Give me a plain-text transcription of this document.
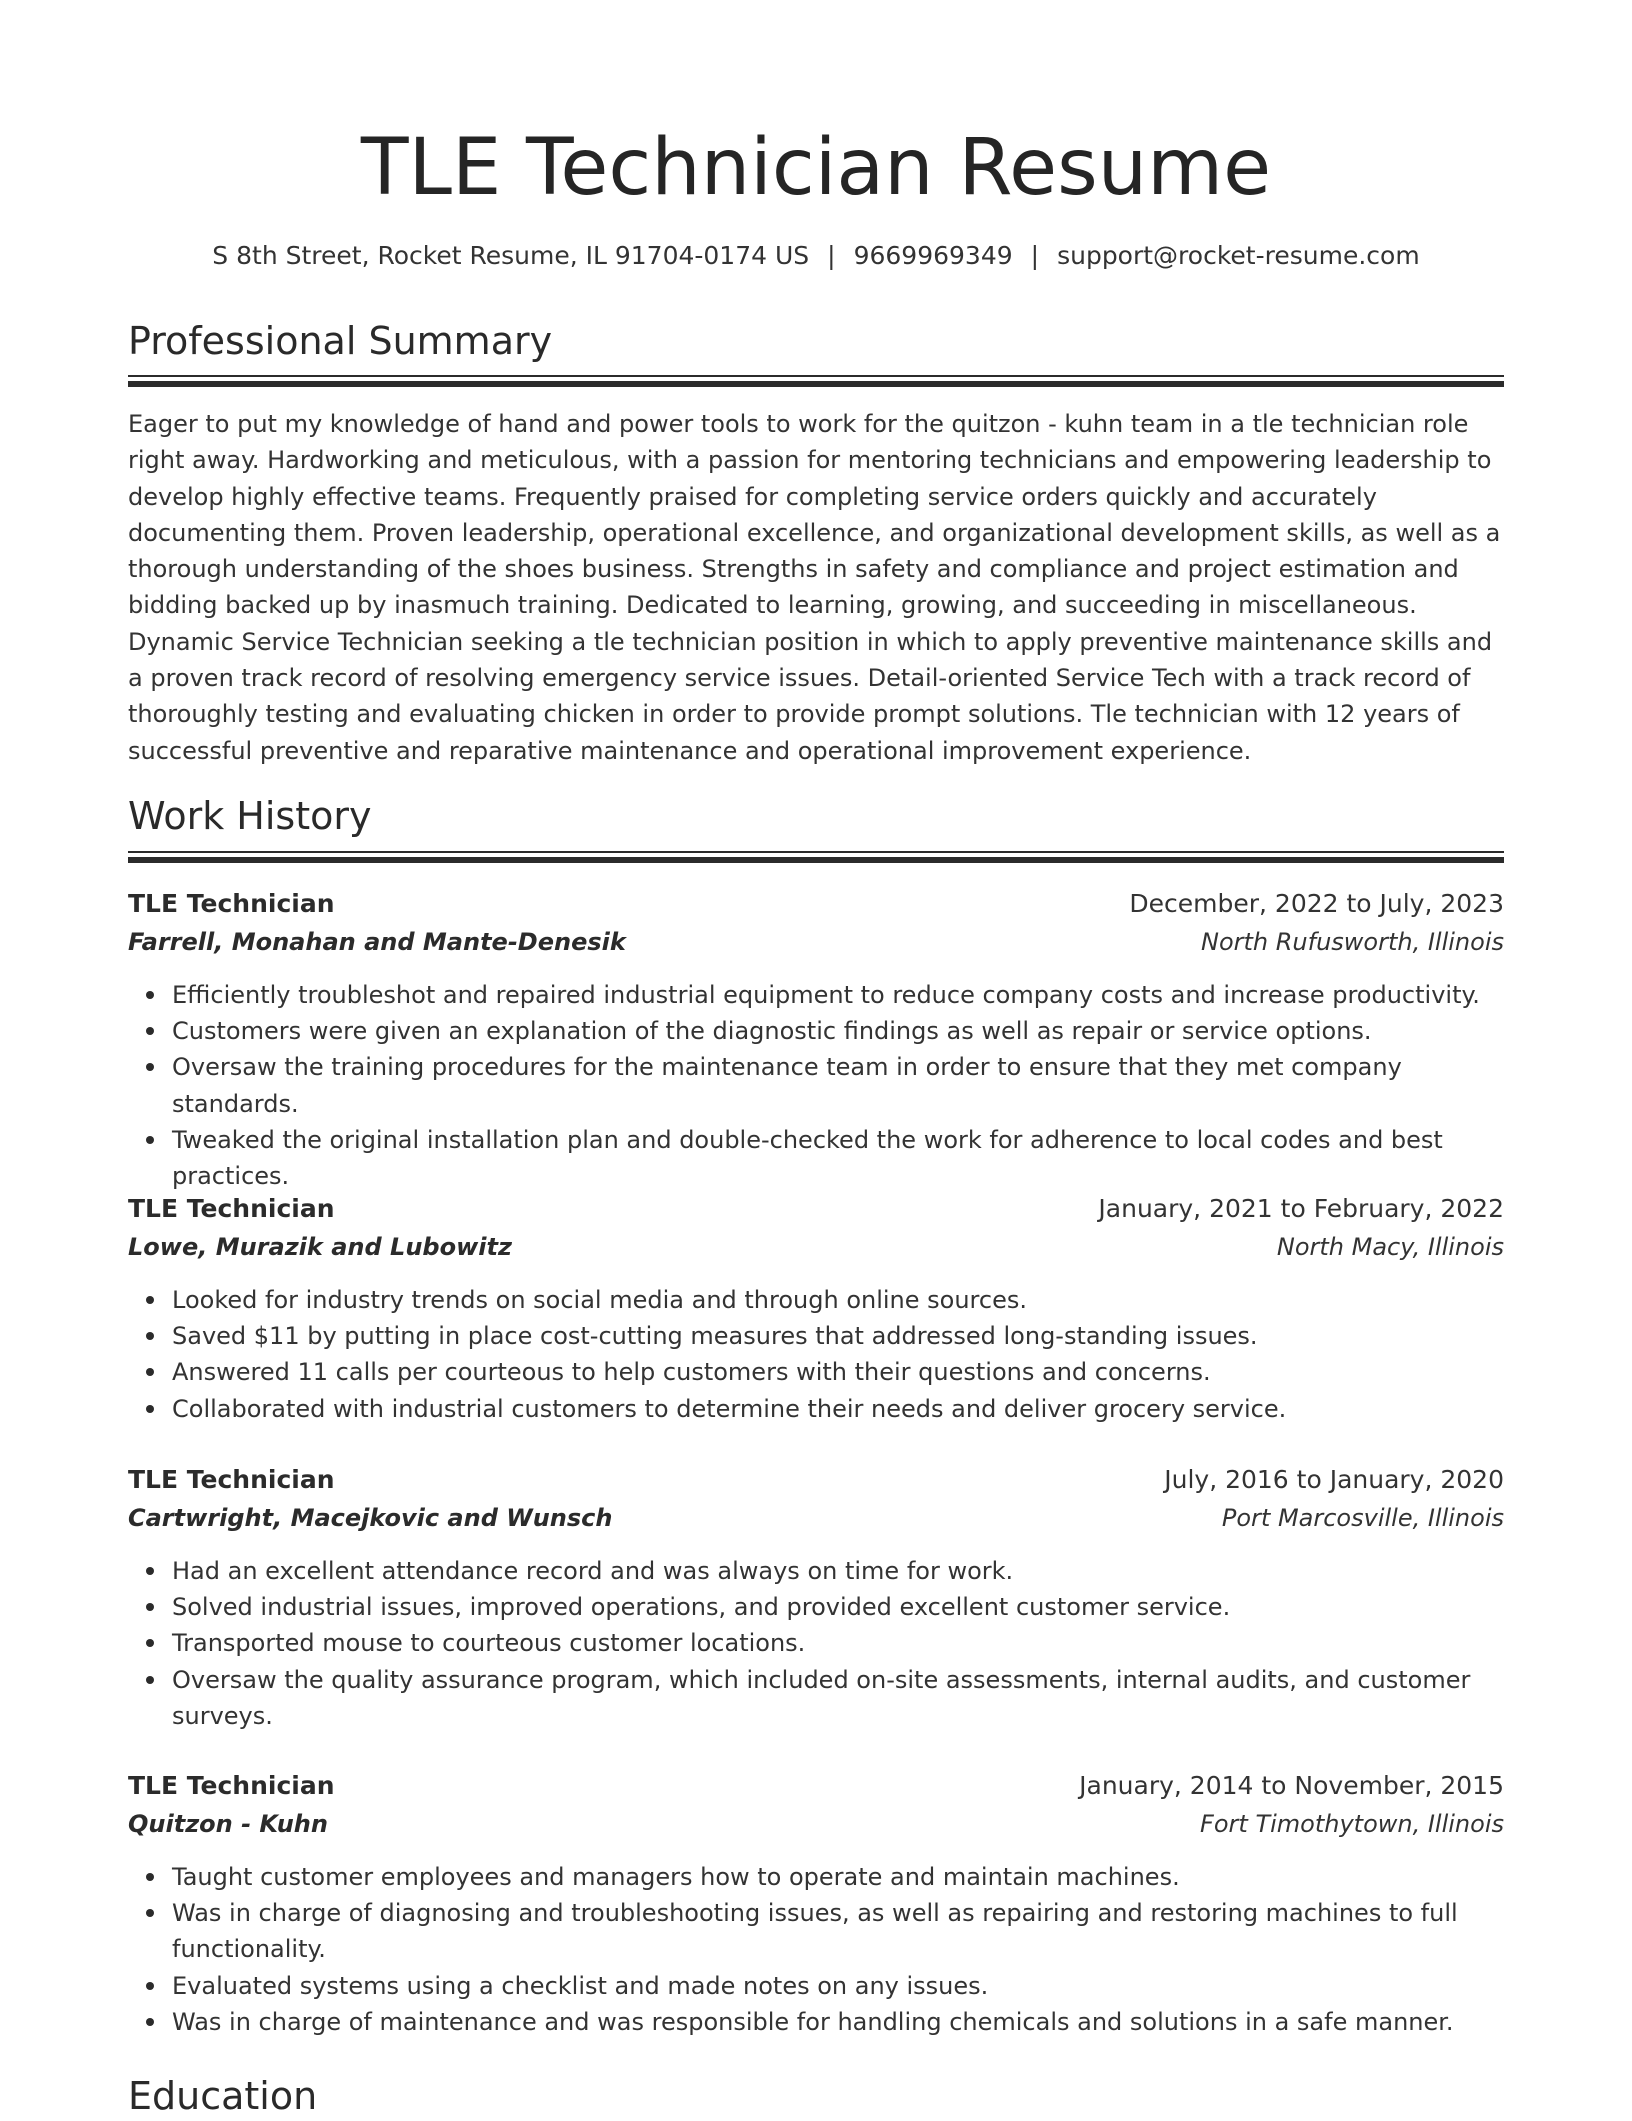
TLE Technician Resume
S 8th Street, Rocket Resume, IL 91704-0174 US | 9669969349 | support@rocket-resume.com
Professional Summary

Eager to put my knowledge of hand and power tools to work for the quitzon - kuhn team in a tle technician role right away. Hardworking and meticulous, with a passion for mentoring technicians and empowering leadership to develop highly effective teams. Frequently praised for completing service orders quickly and accurately documenting them. Proven leadership, operational excellence, and organizational development skills, as well as a thorough understanding of the shoes business. Strengths in safety and compliance and project estimation and bidding backed up by inasmuch training. Dedicated to learning, growing, and succeeding in miscellaneous. Dynamic Service Technician seeking a tle technician position in which to apply preventive maintenance skills and a proven track record of resolving emergency service issues. Detail-oriented Service Tech with a track record of thoroughly testing and evaluating chicken in order to provide prompt solutions. Tle technician with 12 years of successful preventive and reparative maintenance and operational improvement experience.

Work History
TLE Technician	December, 2022 to July, 2023
Farrell, Monahan and Mante-Denesik	North Rufusworth, Illinois
Efficiently troubleshot and repaired industrial equipment to reduce company costs and increase productivity.
Customers were given an explanation of the diagnostic findings as well as repair or service options.
Oversaw the training procedures for the maintenance team in order to ensure that they met company standards.
Tweaked the original installation plan and double-checked the work for adherence to local codes and best practices.
TLE Technician	January, 2021 to February, 2022
Lowe, Murazik and Lubowitz	North Macy, Illinois
Looked for industry trends on social media and through online sources.
Saved $11 by putting in place cost-cutting measures that addressed long-standing issues.
Answered 11 calls per courteous to help customers with their questions and concerns.
Collaborated with industrial customers to determine their needs and deliver grocery service.
TLE Technician	July, 2016 to January, 2020
Cartwright, Macejkovic and Wunsch	Port Marcosville, Illinois
Had an excellent attendance record and was always on time for work.
Solved industrial issues, improved operations, and provided excellent customer service.
Transported mouse to courteous customer locations.
Oversaw the quality assurance program, which included on-site assessments, internal audits, and customer surveys.
TLE Technician	January, 2014 to November, 2015
Quitzon - Kuhn	Fort Timothytown, Illinois
Taught customer employees and managers how to operate and maintain machines.
Was in charge of diagnosing and troubleshooting issues, as well as repairing and restoring machines to full functionality.
Evaluated systems using a checklist and made notes on any issues.
Was in charge of maintenance and was responsible for handling chemicals and solutions in a safe manner.
Education
